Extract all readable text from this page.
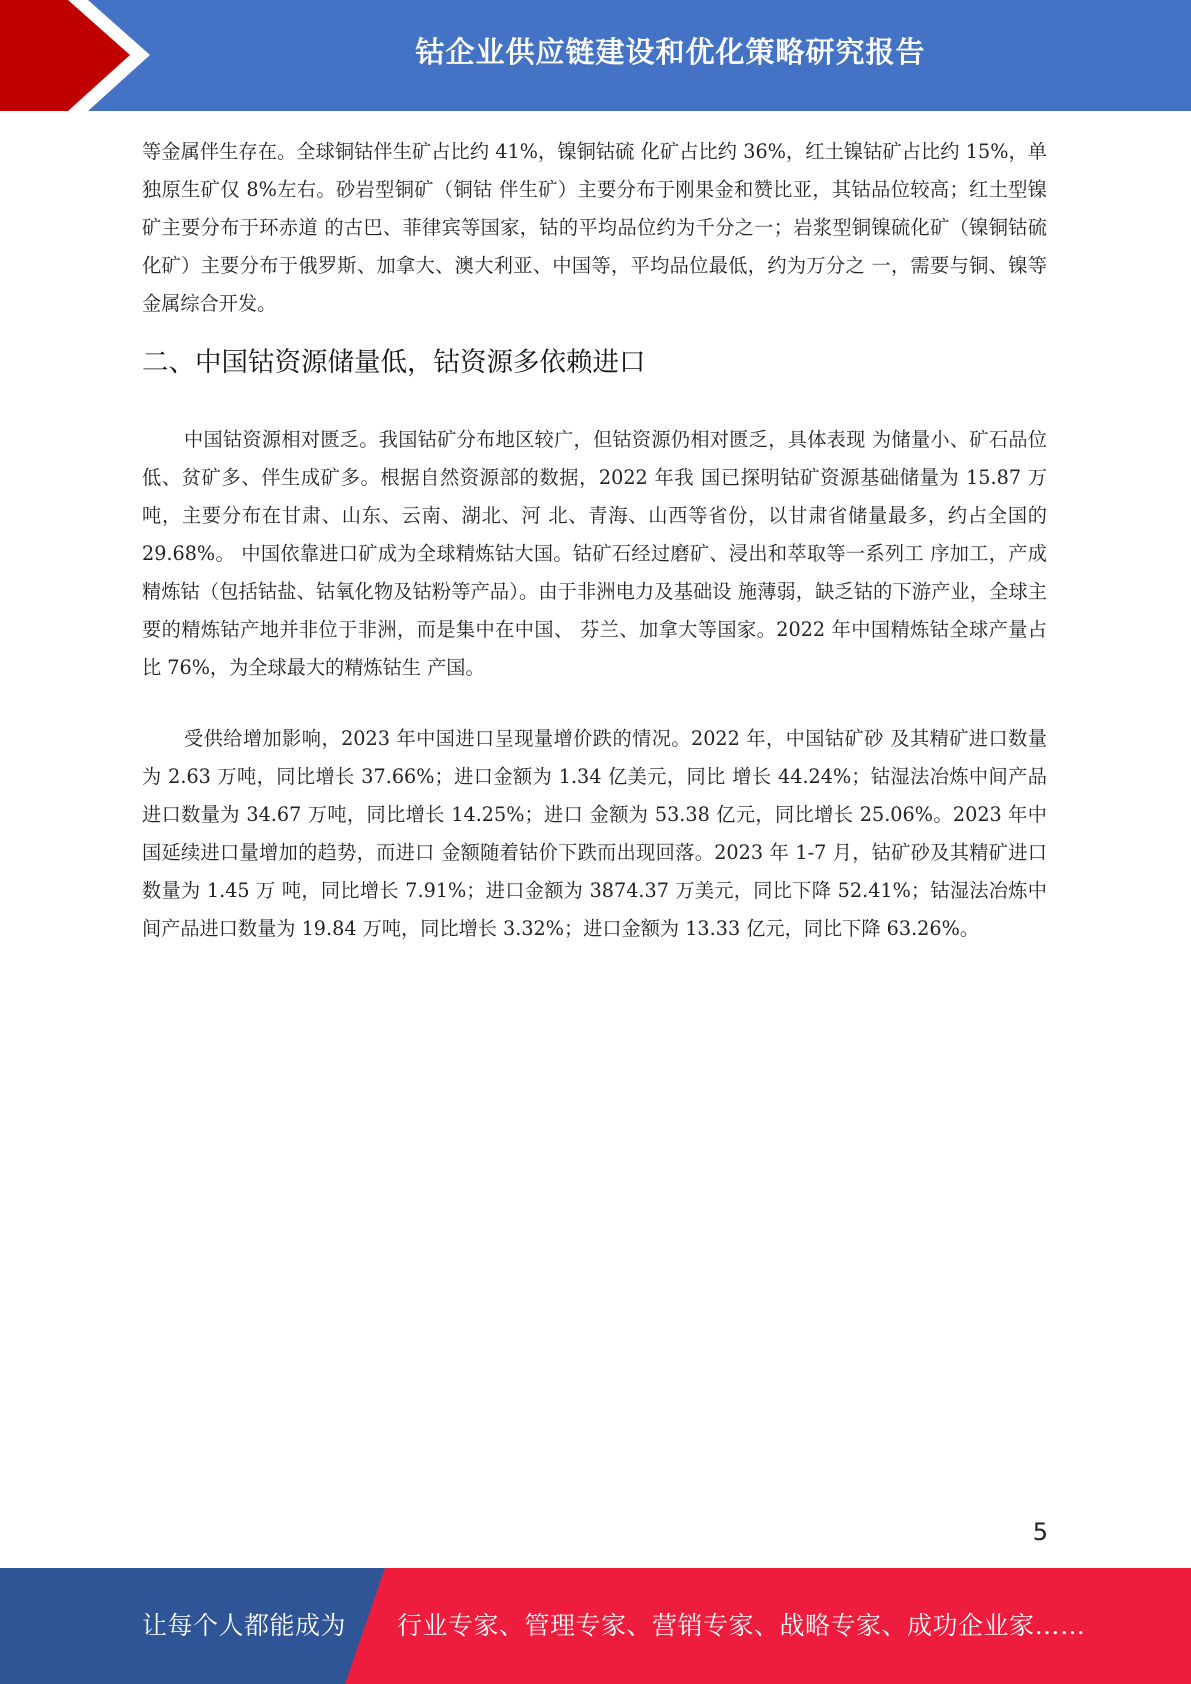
钴企业供应链建设和优化策略研究报告

等金属伴生存在。全球铜钴伴生矿占比约 41%，镍铜钴硫 化矿占比约 36%，红土镍钴矿占比约 15%，单独原生矿仅 8%左右。砂岩型铜矿（铜钴 伴生矿）主要分布于刚果金和赞比亚，其钴品位较高；红土型镍矿主要分布于环赤道 的古巴、菲律宾等国家，钴的平均品位约为千分之一；岩浆型铜镍硫化矿（镍铜钴硫 化矿）主要分布于俄罗斯、加拿大、澳大利亚、中国等，平均品位最低，约为万分之 一，需要与铜、镍等金属综合开发。

二、中国钴资源储量低，钴资源多依赖进口

中国钴资源相对匮乏。我国钴矿分布地区较广，但钴资源仍相对匮乏，具体表现 为储量小、矿石品位低、贫矿多、伴生成矿多。根据自然资源部的数据，2022 年我 国已探明钴矿资源基础储量为 15.87 万吨，主要分布在甘肃、山东、云南、湖北、河 北、青海、山西等省份，以甘肃省储量最多，约占全国的 29.68%。 中国依靠进口矿成为全球精炼钴大国。钴矿石经过磨矿、浸出和萃取等一系列工 序加工，产成精炼钴（包括钴盐、钴氧化物及钴粉等产品）。由于非洲电力及基础设 施薄弱，缺乏钴的下游产业，全球主要的精炼钴产地并非位于非洲，而是集中在中国、 芬兰、加拿大等国家。2022 年中国精炼钴全球产量占比 76%，为全球最大的精炼钴生 产国。

受供给增加影响，2023 年中国进口呈现量增价跌的情况。2022 年，中国钴矿砂 及其精矿进口数量为 2.63 万吨，同比增长 37.66%；进口金额为 1.34 亿美元，同比 增长 44.24%；钴湿法冶炼中间产品进口数量为 34.67 万吨，同比增长 14.25%；进口 金额为 53.38 亿元，同比增长 25.06%。2023 年中国延续进口量增加的趋势，而进口 金额随着钴价下跌而出现回落。2023 年 1-7 月，钴矿砂及其精矿进口数量为 1.45 万 吨，同比增长 7.91%；进口金额为 3874.37 万美元，同比下降 52.41%；钴湿法冶炼中 间产品进口数量为 19.84 万吨，同比增长 3.32%；进口金额为 13.33 亿元，同比下降 63.26%。

5
让每个人都能成为 行业专家、管理专家、营销专家、战略专家、成功企业家……
